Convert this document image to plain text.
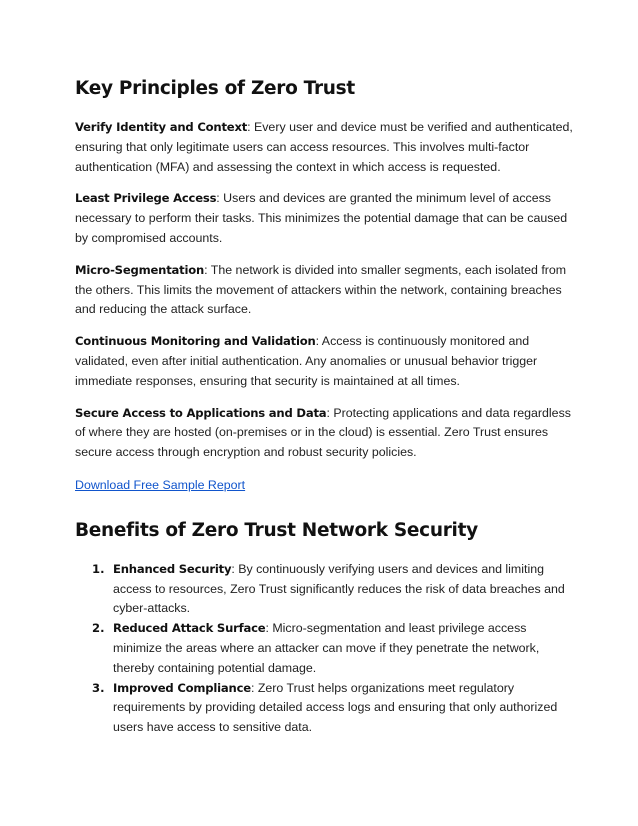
Key Principles of Zero Trust

Verify Identity and Context: Every user and device must be verified and authenticated, ensuring that only legitimate users can access resources. This involves multi-factor authentication (MFA) and assessing the context in which access is requested.

Least Privilege Access: Users and devices are granted the minimum level of access necessary to perform their tasks. This minimizes the potential damage that can be caused by compromised accounts.

Micro-Segmentation: The network is divided into smaller segments, each isolated from the others. This limits the movement of attackers within the network, containing breaches and reducing the attack surface.

Continuous Monitoring and Validation: Access is continuously monitored and validated, even after initial authentication. Any anomalies or unusual behavior trigger immediate responses, ensuring that security is maintained at all times.

Secure Access to Applications and Data: Protecting applications and data regardless of where they are hosted (on-premises or in the cloud) is essential. Zero Trust ensures secure access through encryption and robust security policies.

Download Free Sample Report
Benefits of Zero Trust Network Security
1. Enhanced Security: By continuously verifying users and devices and limiting access to resources, Zero Trust significantly reduces the risk of data breaches and cyber-attacks.
2. Reduced Attack Surface: Micro-segmentation and least privilege access minimize the areas where an attacker can move if they penetrate the network, thereby containing potential damage.
3. Improved Compliance: Zero Trust helps organizations meet regulatory requirements by providing detailed access logs and ensuring that only authorized users have access to sensitive data.
